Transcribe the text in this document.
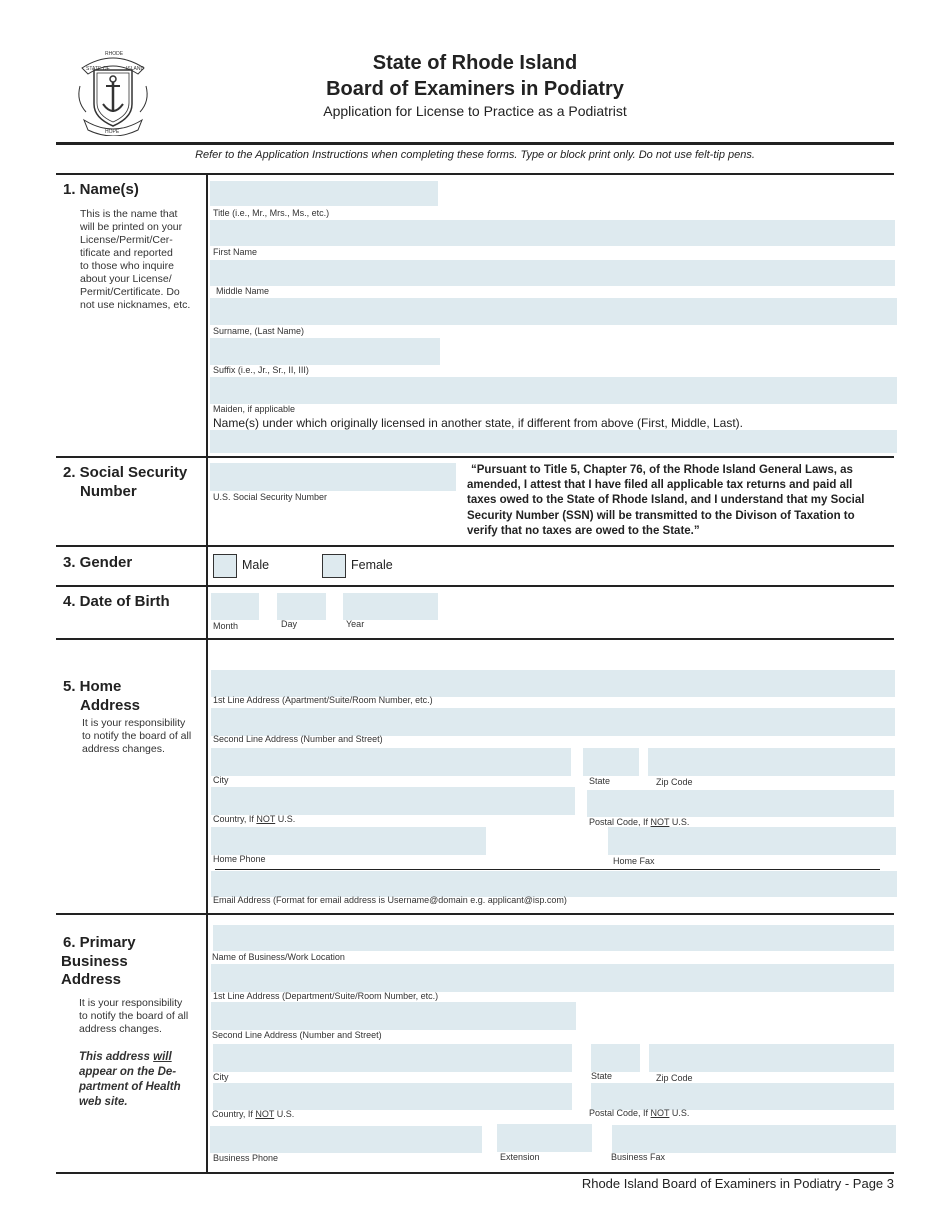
STATE OF
RHODE
ISLAND
HOPE
State of Rhode Island
Board of Examiners in Podiatry
Application for License to Practice as a Podiatrist
Refer to the Application Instructions when completing these forms. Type or block print only. Do not use felt-tip pens.
1. Name(s)
This is the name that
will be printed on your
License/Permit/Cer-
tificate and reported
to those who inquire
about your License/
Permit/Certificate. Do
not use nicknames, etc.
Title (i.e., Mr., Mrs., Ms., etc.)
First Name
Middle Name
Surname, (Last Name)
Suffix (i.e., Jr., Sr., II, III)
Maiden, if applicable
Name(s) under which originally licensed in another state, if different from above (First, Middle, Last).
2. Social Security
Number	U.S. Social Security Number
“Pursuant to Title 5, Chapter 76, of the Rhode Island General Laws, as
amended, I attest that I have filed all applicable tax returns and paid all
taxes owed to the State of Rhode Island, and I understand that my Social
Security Number (SSN) will be transmitted to the Divison of Taxation to
verify that no taxes are owed to the State.”
3. Gender	Male	Female
4. Date of Birth
Month	Day	Year
5. Home
Address
It is your responsibility
to notify the board of all
address changes.
1st Line Address (Apartment/Suite/Room Number, etc.)
Second Line Address (Number and Street)
City	State	Zip Code
Country, If NOT U.S.	Postal Code, If NOT U.S.
Home Phone	Home Fax
Email Address (Format for email address is Username@domain e.g. applicant@isp.com)
6. Primary
Business
Address
It is your responsibility
to notify the board of all
address changes.
This address will
appear on the De-
partment of Health
web site.
Name of Business/Work Location
1st Line Address (Department/Suite/Room Number, etc.)
Second Line Address (Number and Street)
City	State	Zip Code
Country, If NOT U.S.	Postal Code, If NOT U.S.
Business Phone	Extension	Business Fax
Rhode Island Board of Examiners in Podiatry - Page 3
